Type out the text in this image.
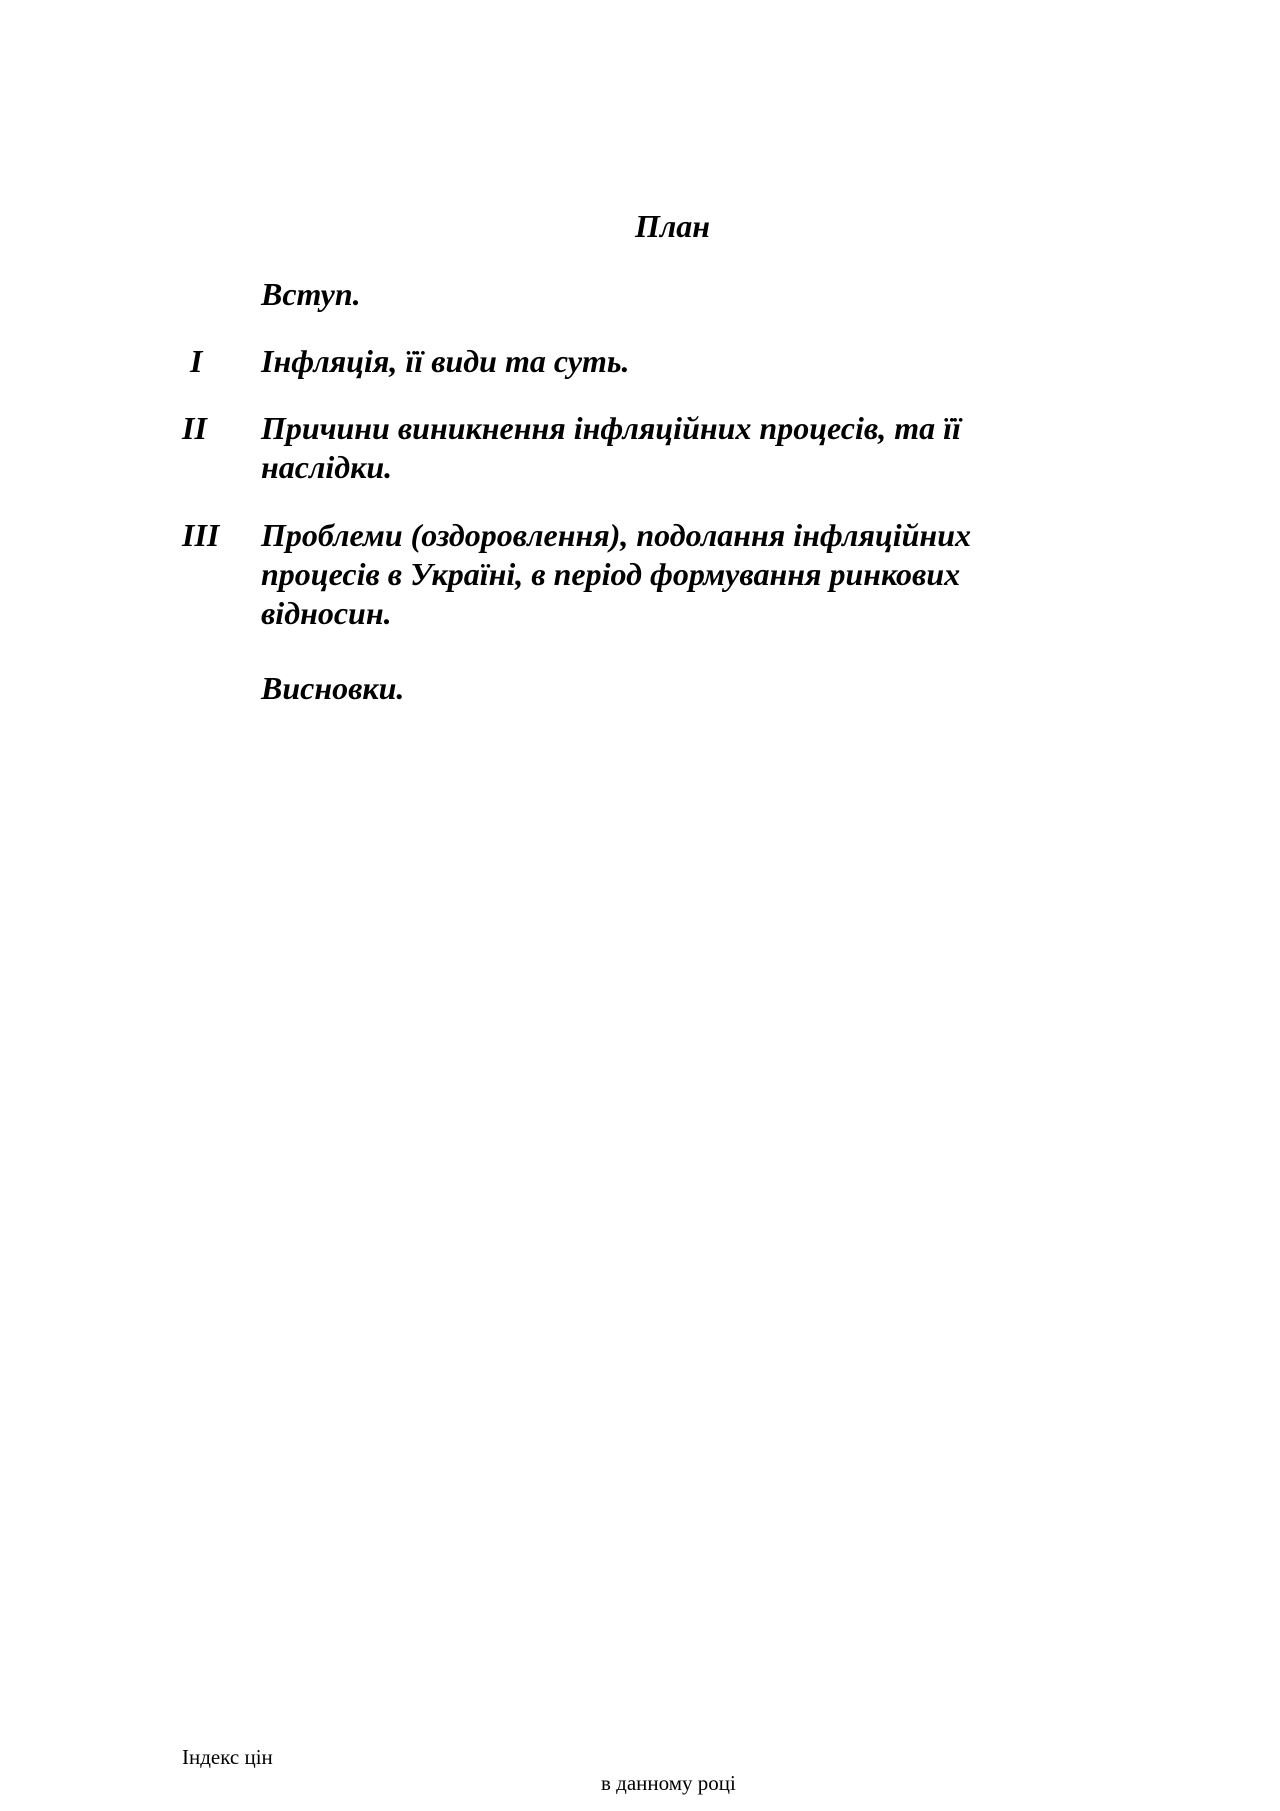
План
Вступ.
I	Інфляція, її види та суть.
II	Причини виникнення інфляційних процесів, та її наслідки.
III	Проблеми (оздоровлення), подолання інфляційних процесів в Україні, в період формування ринкових відносин.
Висновки.
Індекс цін
в данному році
